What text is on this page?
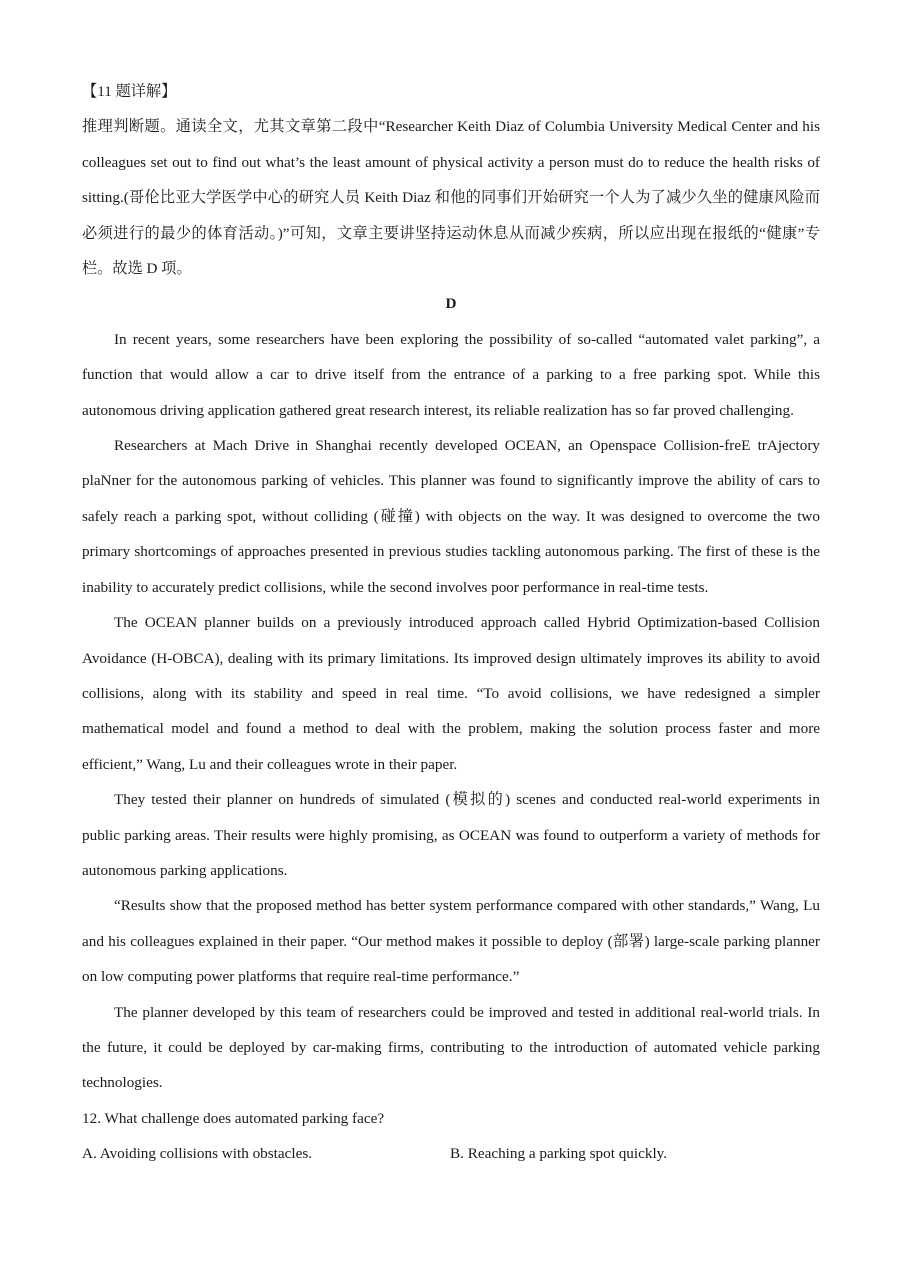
【11 题详解】

推理判断题。通读全文，尤其文章第二段中“Researcher Keith Diaz of Columbia University Medical Center and his colleagues set out to find out what’s the least amount of physical activity a person must do to reduce the health risks of sitting.(哥伦比亚大学医学中心的研究人员 Keith Diaz 和他的同事们开始研究一个人为了减少久坐的健康风险而必须进行的最少的体育活动。)”可知，文章主要讲坚持运动休息从而减少疾病，所以应出现在报纸的“健康”专栏。故选 D 项。

D

In recent years, some researchers have been exploring the possibility of so-called “automated valet parking”, a function that would allow a car to drive itself from the entrance of a parking to a free parking spot. While this autonomous driving application gathered great research interest, its reliable realization has so far proved challenging.

Researchers at Mach Drive in Shanghai recently developed OCEAN, an Openspace Collision-freE trAjectory plaNner for the autonomous parking of vehicles. This planner was found to significantly improve the ability of cars to safely reach a parking spot, without colliding (碰撞) with objects on the way. It was designed to overcome the two primary shortcomings of approaches presented in previous studies tackling autonomous parking. The first of these is the inability to accurately predict collisions, while the second involves poor performance in real-time tests.

The OCEAN planner builds on a previously introduced approach called Hybrid Optimization-based Collision Avoidance (H-OBCA), dealing with its primary limitations. Its improved design ultimately improves its ability to avoid collisions, along with its stability and speed in real time. “To avoid collisions, we have redesigned a simpler mathematical model and found a method to deal with the problem, making the solution process faster and more efficient,” Wang, Lu and their colleagues wrote in their paper.

They tested their planner on hundreds of simulated (模拟的) scenes and conducted real-world experiments in public parking areas. Their results were highly promising, as OCEAN was found to outperform a variety of methods for autonomous parking applications.

“Results show that the proposed method has better system performance compared with other standards,” Wang, Lu and his colleagues explained in their paper. “Our method makes it possible to deploy (部署) large-scale parking planner on low computing power platforms that require real-time performance.”

The planner developed by this team of researchers could be improved and tested in additional real-world trials. In the future, it could be deployed by car-making firms, contributing to the introduction of automated vehicle parking technologies.

12. What challenge does automated parking face?

A. Avoiding collisions with obstacles.	B. Reaching a parking spot quickly.
